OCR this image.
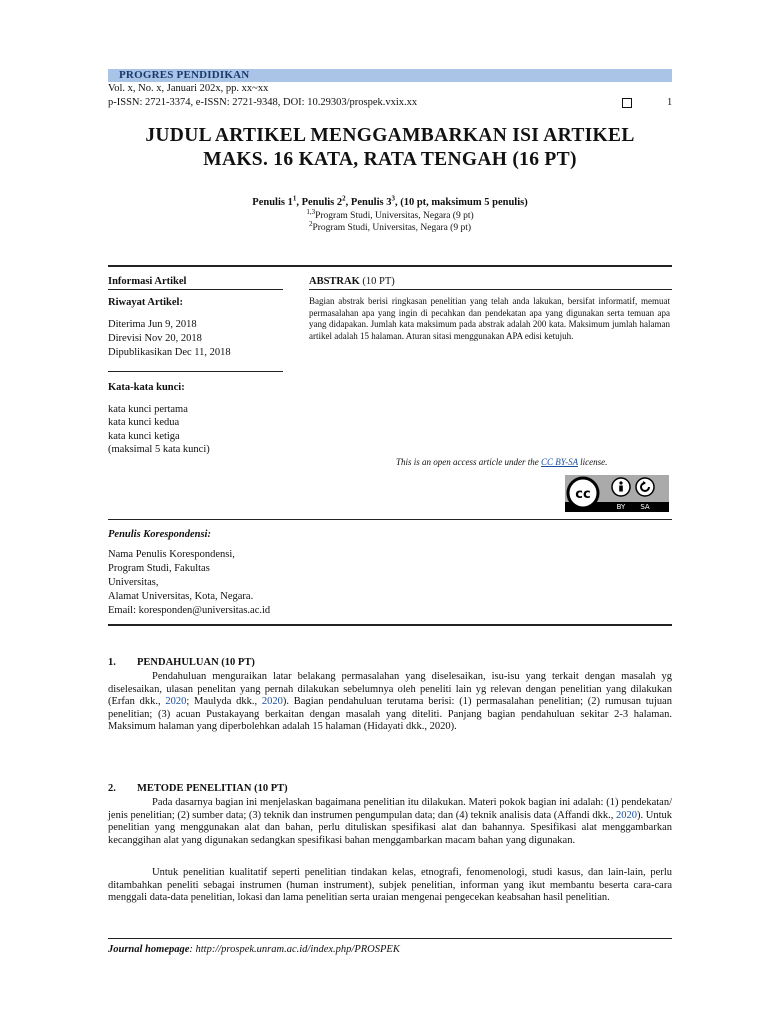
PROGRES PENDIDIKAN
Vol. x, No. x, Januari 202x, pp. xx~xx
p-ISSN: 2721-3374, e-ISSN: 2721-9348, DOI: 10.29303/prospek.vxix.xx	1
JUDUL ARTIKEL MENGGAMBARKAN ISI ARTIKEL
MAKS. 16 KATA, RATA TENGAH (16 PT)
Penulis $1^1$, Penulis $2^2$, Penulis $3^3$, (10 pt, maksimum 5 penulis)
$^{1,3}$Program Studi, Universitas, Negara (9 pt)
$^2$Program Studi, Universitas, Negara (9 pt)
Informasi Artikel
Riwayat Artikel:
Diterima Jun 9, 2018
Direvisi Nov 20, 2018
Dipublikasikan Dec 11, 2018
Kata-kata kunci:
kata kunci pertama
kata kunci kedua
kata kunci ketiga
(maksimal 5 kata kunci)
Penulis Korespondensi:
Nama Penulis Korespondensi,
Program Studi, Fakultas
Universitas,
Alamat Universitas, Kota, Negara.
Email: koresponden@universitas.ac.id
ABSTRAK (10 PT)
Bagian abstrak berisi ringkasan penelitian yang telah anda lakukan, bersifat informatif, memuat permasalahan apa yang ingin di pecahkan dan pendekatan apa yang digunakan serta temuan apa yang didapakan. Jumlah kata maksimum pada abstrak adalah 200 kata. Maksimum jumlah halaman artikel adalah 15 halaman. Aturan sitasi menggunakan APA edisi ketujuh.
This is an open access article under the CC BY-SA license.
cc
BY	SA
1. PENDAHULUAN (10 PT)
Pendahuluan menguraikan latar belakang permasalahan yang diselesaikan, isu-isu yang terkait dengan masalah yg diselesaikan, ulasan penelitan yang pernah dilakukan sebelumnya oleh peneliti lain yg relevan dengan penelitian yang dilakukan (Erfan dkk., 2020; Maulyda dkk., 2020). Bagian pendahuluan terutama berisi: (1) permasalahan penelitian; (2) rumusan tujuan penelitian; (3) acuan Pustakayang berkaitan dengan masalah yang diteliti. Panjang bagian pendahuluan sekitar 2-3 halaman. Maksimum halaman yang diperbolehkan adalah 15 halaman (Hidayati dkk., 2020).
2. METODE PENELITIAN (10 PT)
Pada dasarnya bagian ini menjelaskan bagaimana penelitian itu dilakukan. Materi pokok bagian ini adalah: (1) pendekatan/ jenis penelitian; (2) sumber data; (3) teknik dan instrumen pengumpulan data; dan (4) teknik analisis data (Affandi dkk., 2020). Untuk penelitian yang menggunakan alat dan bahan, perlu dituliskan spesifikasi alat dan bahannya. Spesifikasi alat menggambarkan kecanggihan alat yang digunakan sedangkan spesifikasi bahan menggambarkan macam bahan yang digunakan.
Untuk penelitian kualitatif seperti penelitian tindakan kelas, etnografi, fenomenologi, studi kasus, dan lain-lain, perlu ditambahkan peneliti sebagai instrumen (human instrument), subjek penelitian, informan yang ikut membantu beserta cara-cara menggali data-data penelitian, lokasi dan lama penelitian serta uraian mengenai pengecekan keabsahan hasil penelitian.
Journal homepage: http://prospek.unram.ac.id/index.php/PROSPEK
